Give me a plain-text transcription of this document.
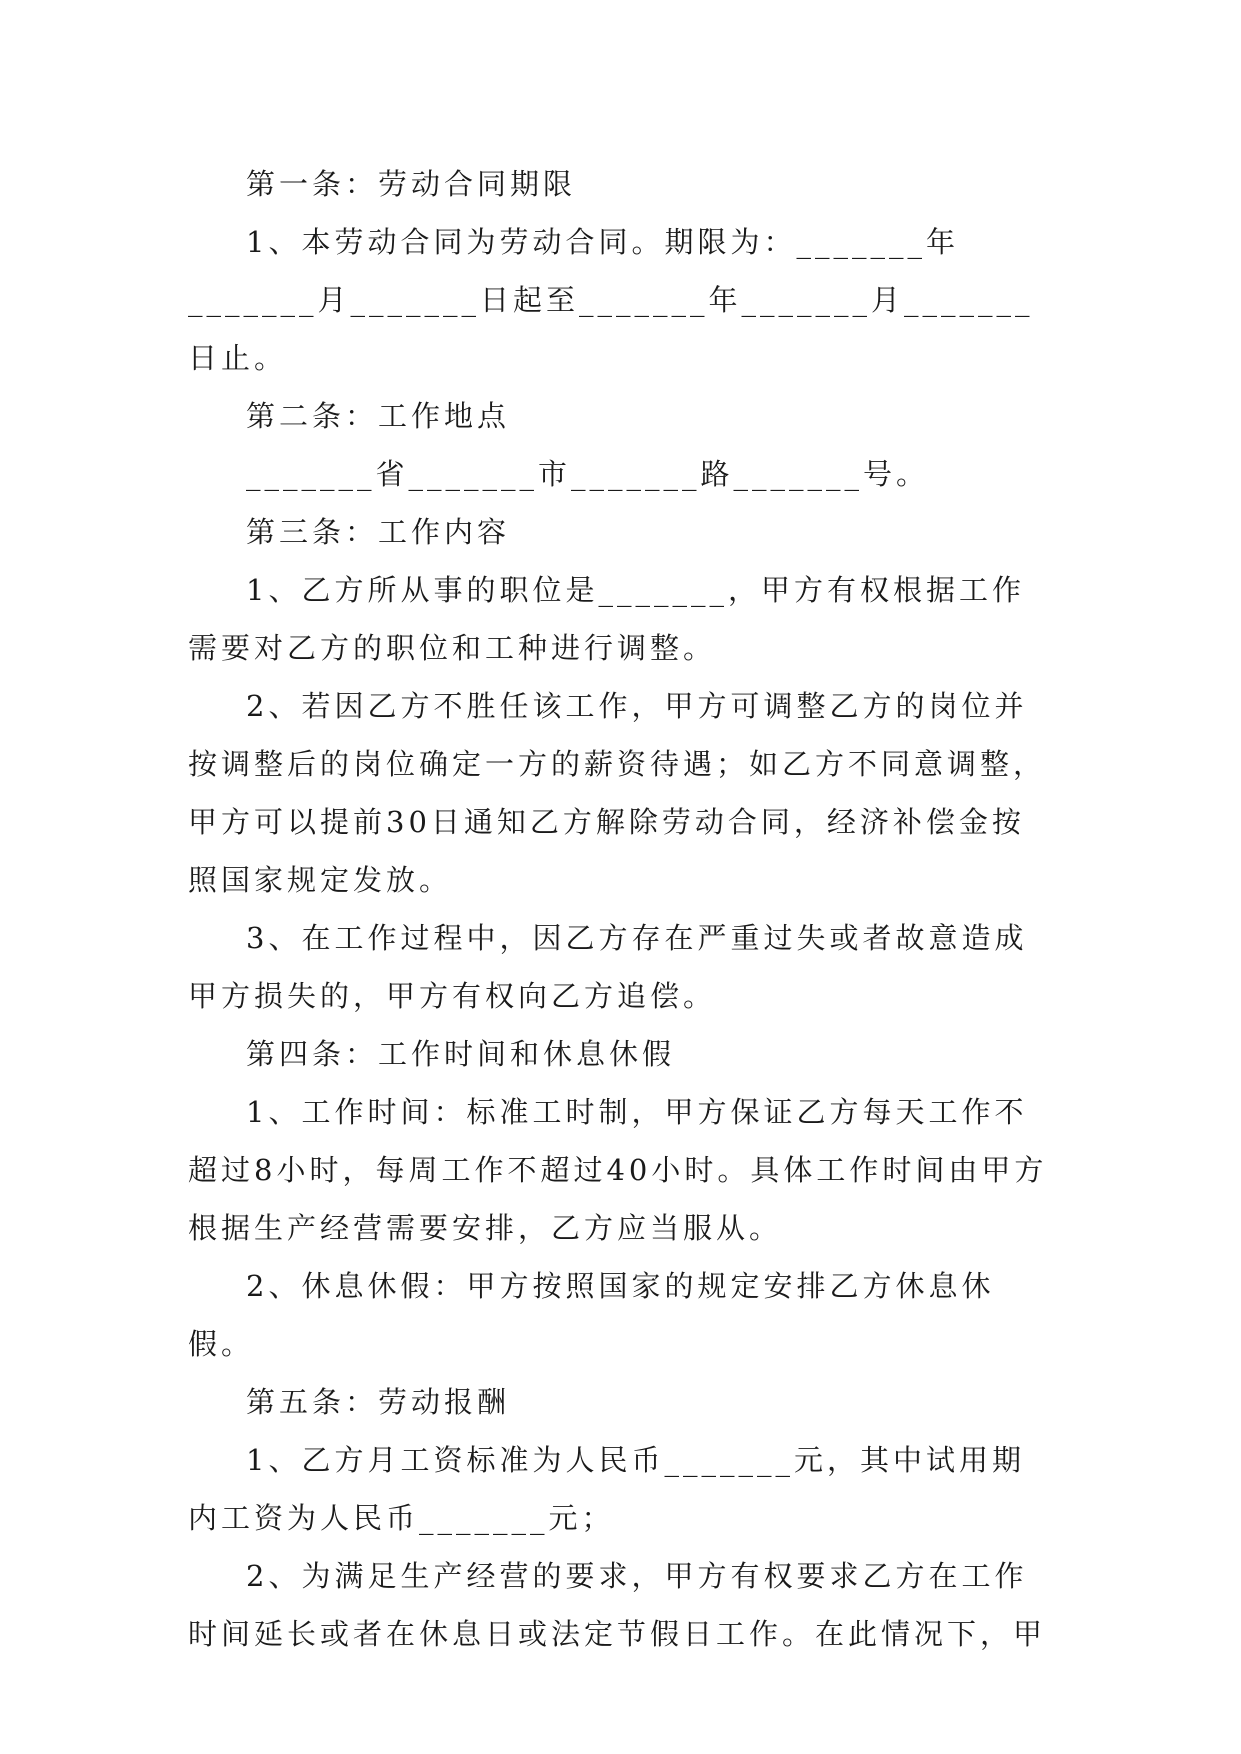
第一条：劳动合同期限

1、本劳动合同为劳动合同。期限为：_______年_______月_______日起至_______年_______月_______日止。

第二条：工作地点

_______省_______市_______路_______号。

第三条：工作内容

1、乙方所从事的职位是_______，甲方有权根据工作需要对乙方的职位和工种进行调整。

2、若因乙方不胜任该工作，甲方可调整乙方的岗位并按调整后的岗位确定一方的薪资待遇；如乙方不同意调整，甲方可以提前30日通知乙方解除劳动合同，经济补偿金按照国家规定发放。

3、在工作过程中，因乙方存在严重过失或者故意造成甲方损失的，甲方有权向乙方追偿。

第四条：工作时间和休息休假

1、工作时间：标准工时制，甲方保证乙方每天工作不超过8小时，每周工作不超过40小时。具体工作时间由甲方根据生产经营需要安排，乙方应当服从。

2、休息休假：甲方按照国家的规定安排乙方休息休假。

第五条：劳动报酬

1、乙方月工资标准为人民币_______元，其中试用期内工资为人民币_______元；

2、为满足生产经营的要求，甲方有权要求乙方在工作时间延长或者在休息日或法定节假日工作。在此情况下，甲
